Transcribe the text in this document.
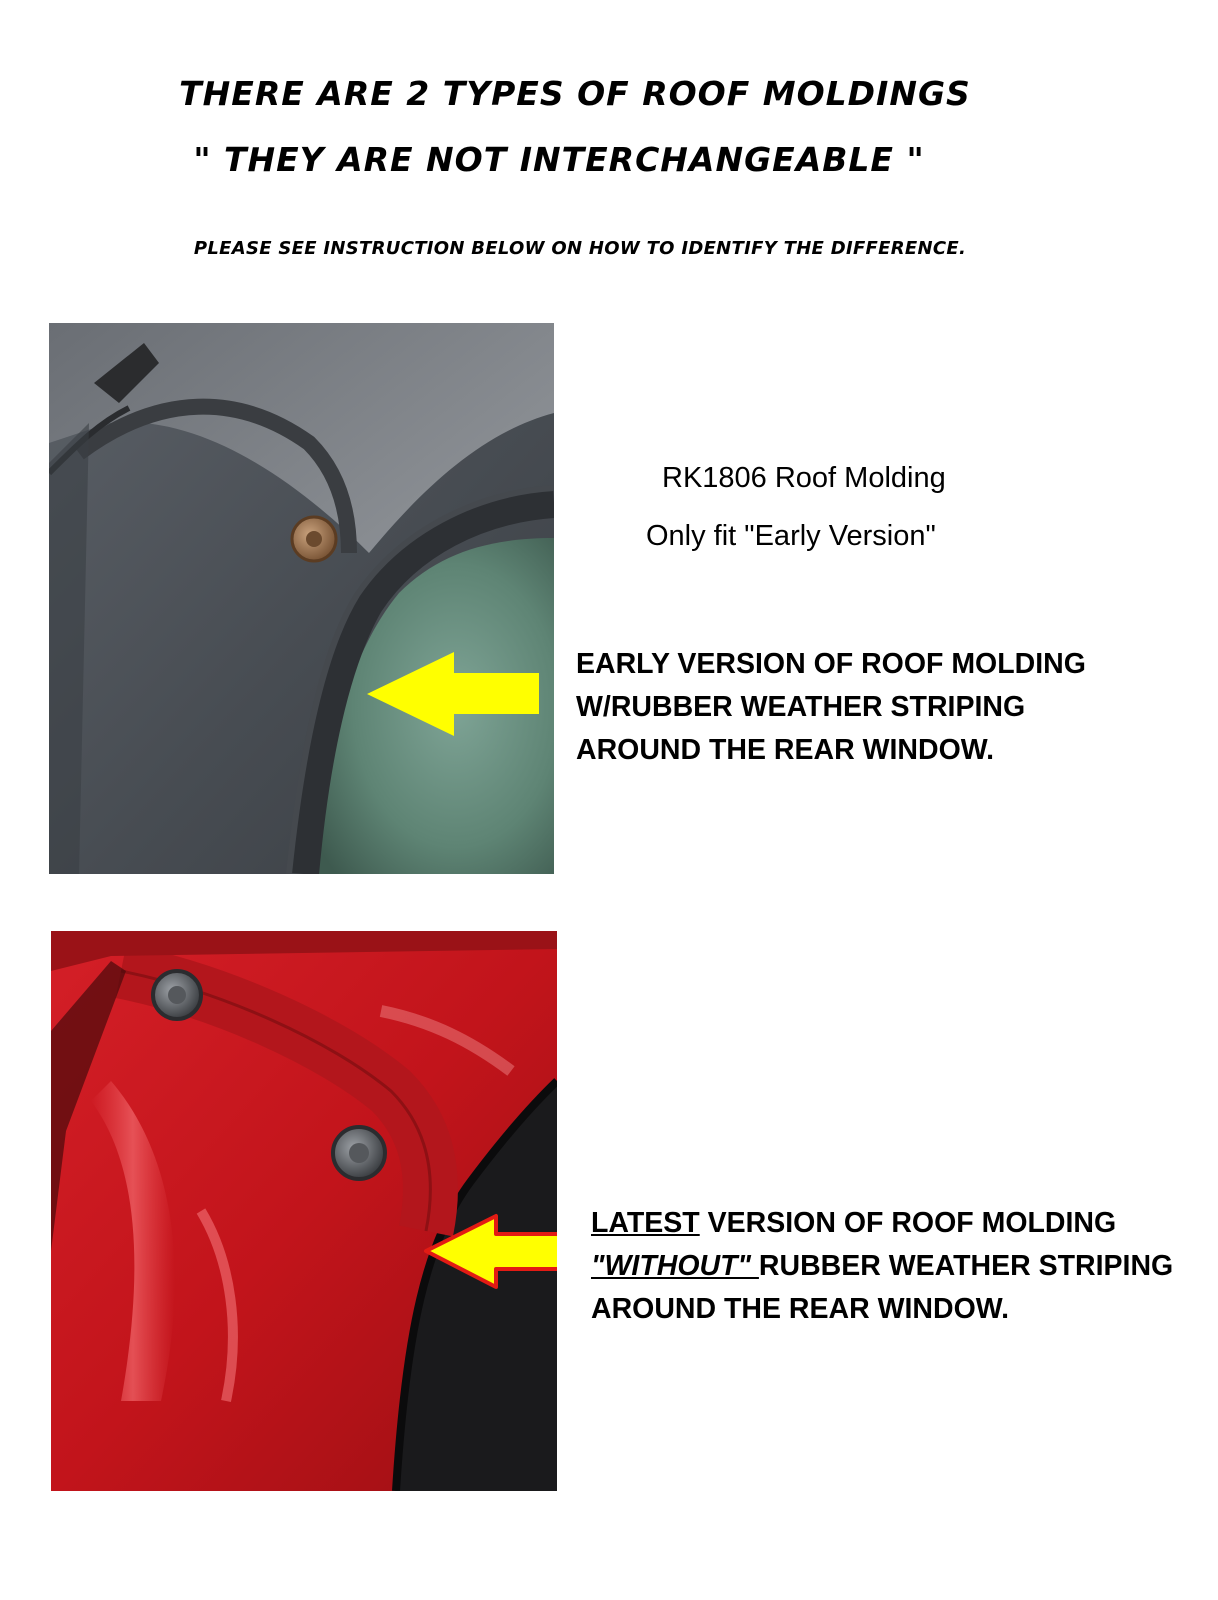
THERE ARE 2 TYPES OF ROOF MOLDINGS
" THEY ARE NOT INTERCHANGEABLE "
PLEASE SEE INSTRUCTION BELOW ON HOW TO IDENTIFY THE DIFFERENCE.
RK1806 Roof Molding
Only fit "Early Version"
EARLY VERSION OF ROOF MOLDING
W/RUBBER WEATHER STRIPING
AROUND THE REAR WINDOW.
LATEST VERSION OF ROOF MOLDING
"WITHOUT" RUBBER WEATHER STRIPING
AROUND THE REAR WINDOW.
